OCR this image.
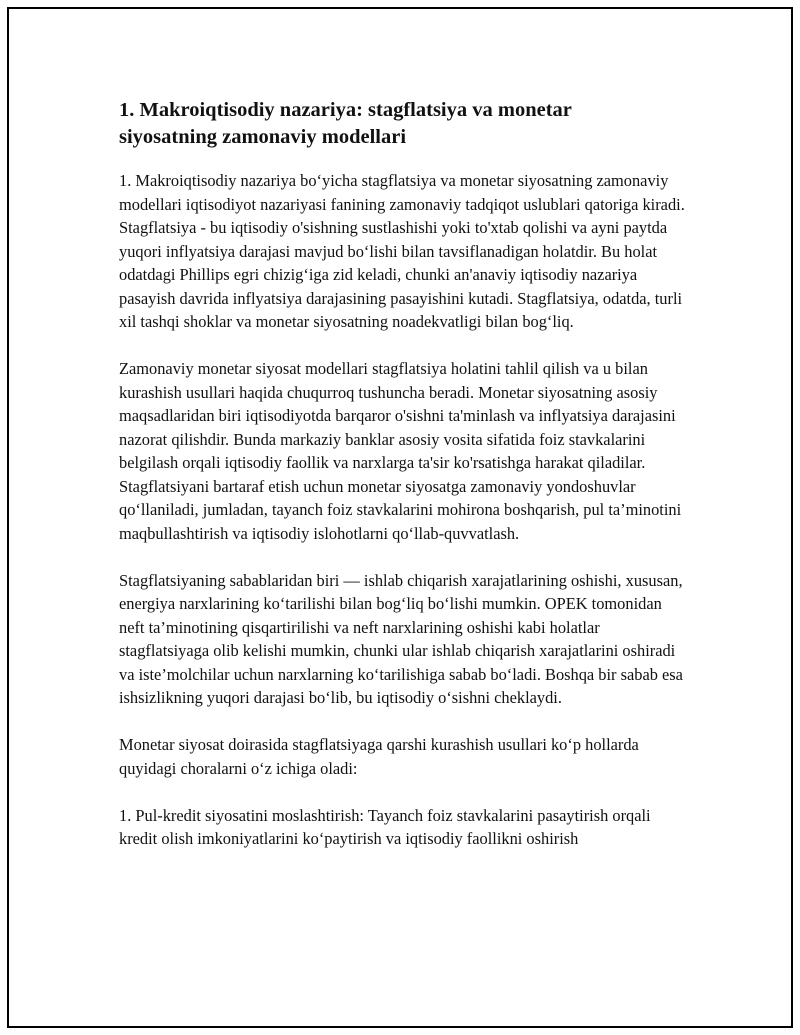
1. Makroiqtisodiy nazariya: stagflatsiya va monetar
siyosatning zamonaviy modellari

1. Makroiqtisodiy nazariya bo‘yicha stagflatsiya va monetar siyosatning zamonaviy modellari iqtisodiyot nazariyasi fanining zamonaviy tadqiqot uslublari qatoriga kiradi. Stagflatsiya - bu iqtisodiy o'sishning sustlashishi yoki to'xtab qolishi va ayni paytda yuqori inflyatsiya darajasi mavjud bo‘lishi bilan tavsiflanadigan holatdir. Bu holat odatdagi Phillips egri chizig‘iga zid keladi, chunki an'anaviy iqtisodiy nazariya pasayish davrida inflyatsiya darajasining pasayishini kutadi. Stagflatsiya, odatda, turli xil tashqi shoklar va monetar siyosatning noadekvatligi bilan bog‘liq.

Zamonaviy monetar siyosat modellari stagflatsiya holatini tahlil qilish va u bilan kurashish usullari haqida chuqurroq tushuncha beradi. Monetar siyosatning asosiy maqsadlaridan biri iqtisodiyotda barqaror o'sishni ta'minlash va inflyatsiya darajasini nazorat qilishdir. Bunda markaziy banklar asosiy vosita sifatida foiz stavkalarini belgilash orqali iqtisodiy faollik va narxlarga ta'sir ko'rsatishga harakat qiladilar. Stagflatsiyani bartaraf etish uchun monetar siyosatga zamonaviy yondoshuvlar qo‘llaniladi, jumladan, tayanch foiz stavkalarini mohirona boshqarish, pul ta’minotini maqbullashtirish va iqtisodiy islohotlarni qo‘llab-quvvatlash.

Stagflatsiyaning sabablaridan biri — ishlab chiqarish xarajatlarining oshishi, xususan, energiya narxlarining ko‘tarilishi bilan bog‘liq bo‘lishi mumkin. OPEK tomonidan neft ta’minotining qisqartirilishi va neft narxlarining oshishi kabi holatlar stagflatsiyaga olib kelishi mumkin, chunki ular ishlab chiqarish xarajatlarini oshiradi va iste’molchilar uchun narxlarning ko‘tarilishiga sabab bo‘ladi. Boshqa bir sabab esa ishsizlikning yuqori darajasi bo‘lib, bu iqtisodiy o‘sishni cheklaydi.

Monetar siyosat doirasida stagflatsiyaga qarshi kurashish usullari ko‘p hollarda quyidagi choralarni o‘z ichiga oladi:

1. Pul-kredit siyosatini moslashtirish: Tayanch foiz stavkalarini pasaytirish orqali kredit olish imkoniyatlarini ko‘paytirish va iqtisodiy faollikni oshirish
